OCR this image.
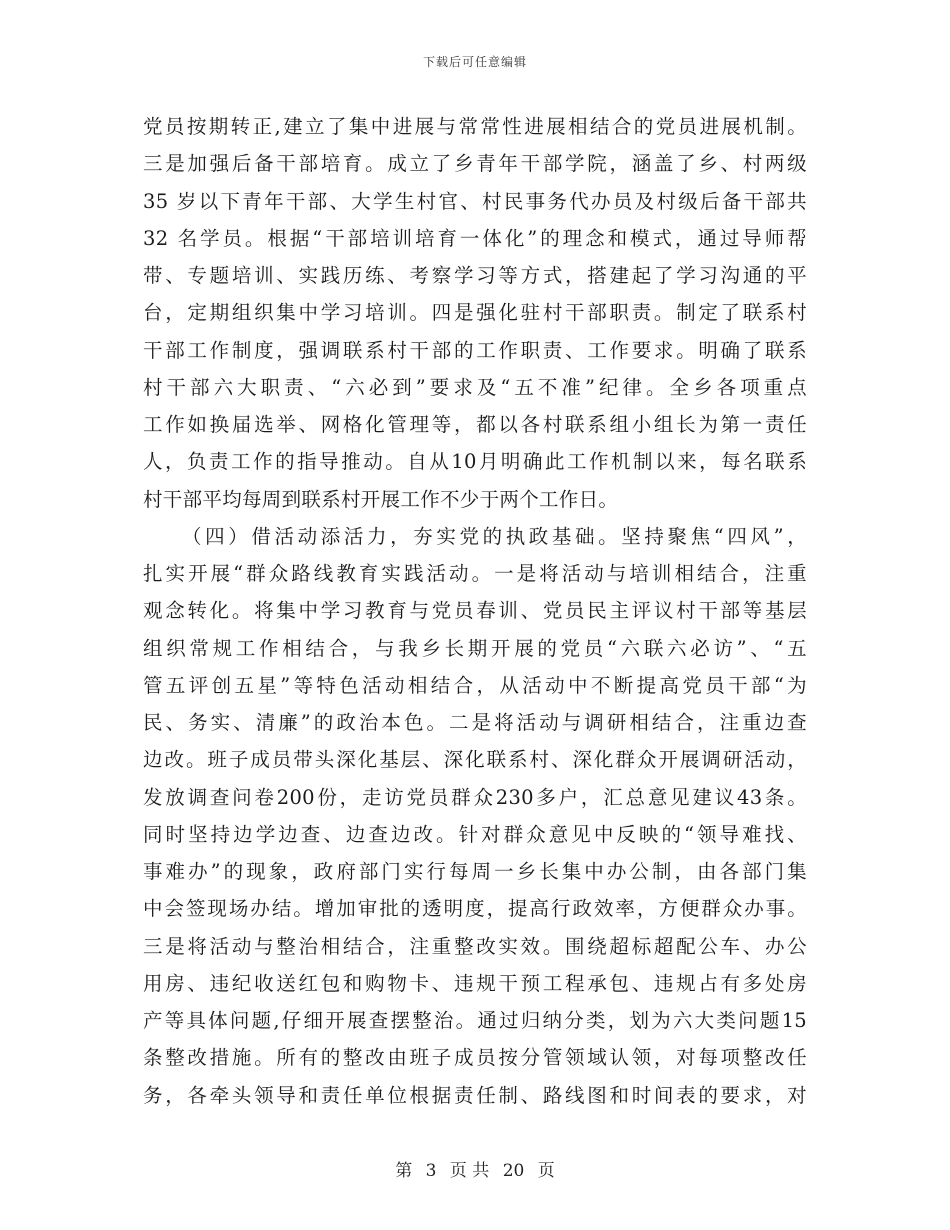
下载后可任意编辑
党员按期转正,建立了集中进展与常常性进展相结合的党员进展机制。
三是加强后备干部培育。成立了乡青年干部学院，涵盖了乡、村两级
35 岁以下青年干部、大学生村官、村民事务代办员及村级后备干部共
32 名学员。根据“干部培训培育一体化”的理念和模式，通过导师帮
带、专题培训、实践历练、考察学习等方式，搭建起了学习沟通的平
台，定期组织集中学习培训。四是强化驻村干部职责。制定了联系村
干部工作制度，强调联系村干部的工作职责、工作要求。明确了联系
村干部六大职责、“六必到”要求及“五不准”纪律。全乡各项重点
工作如换届选举、网格化管理等，都以各村联系组小组长为第一责任
人，负责工作的指导推动。自从10月明确此工作机制以来，每名联系
村干部平均每周到联系村开展工作不少于两个工作日。
（四）借活动添活力，夯实党的执政基础。坚持聚焦“四风”，
扎实开展“群众路线教育实践活动。一是将活动与培训相结合，注重
观念转化。将集中学习教育与党员春训、党员民主评议村干部等基层
组织常规工作相结合，与我乡长期开展的党员“六联六必访”、“五
管五评创五星”等特色活动相结合，从活动中不断提高党员干部“为
民、务实、清廉”的政治本色。二是将活动与调研相结合，注重边查
边改。班子成员带头深化基层、深化联系村、深化群众开展调研活动，
发放调查问卷200份，走访党员群众230多户，汇总意见建议43条。
同时坚持边学边查、边查边改。针对群众意见中反映的“领导难找、
事难办”的现象，政府部门实行每周一乡长集中办公制，由各部门集
中会签现场办结。增加审批的透明度，提高行政效率，方便群众办事。
三是将活动与整治相结合，注重整改实效。围绕超标超配公车、办公
用房、违纪收送红包和购物卡、违规干预工程承包、违规占有多处房
产等具体问题,仔细开展查摆整治。通过归纳分类，划为六大类问题15
条整改措施。所有的整改由班子成员按分管领域认领，对每项整改任
务，各牵头领导和责任单位根据责任制、路线图和时间表的要求，对
第 3 页 共 20 页
